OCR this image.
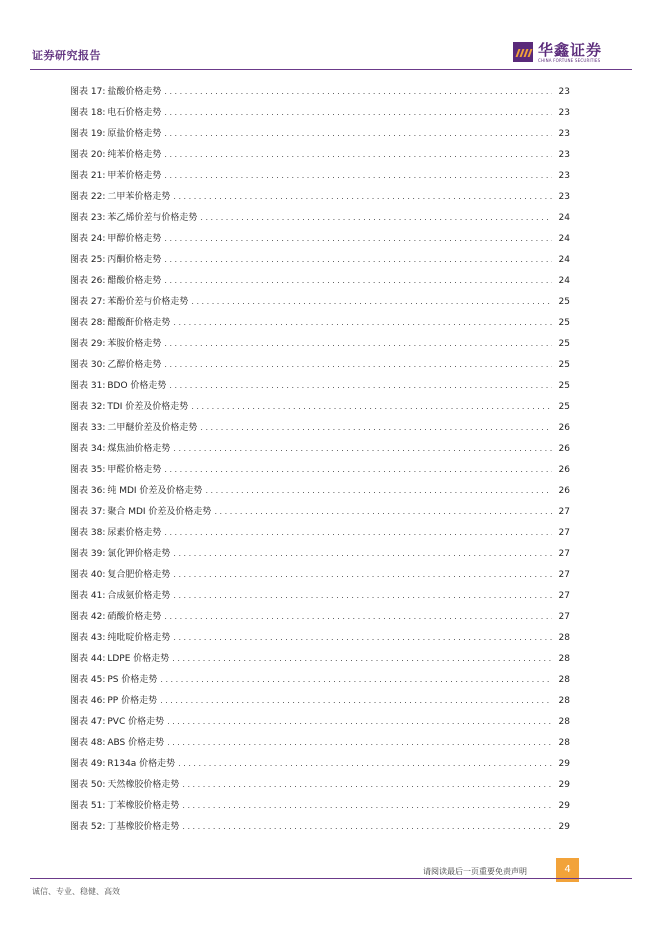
证券研究报告	华鑫证券
CHINA FORTUNE SECURITIES
图表 17: 盐酸价格走势 . . .	23
图表 18: 电石价格走势 . . .	23
图表 19: 原盐价格走势 . . .	23
图表 20: 纯苯价格走势 . . .	23
图表 21: 甲苯价格走势 . . .	23
图表 22: 二甲苯价格走势 . . .	23
图表 23: 苯乙烯价差与价格走势 . . .	24
图表 24: 甲醇价格走势 . . .	24
图表 25: 丙酮价格走势 . . .	24
图表 26: 醋酸价格走势 . . .	24
图表 27: 苯酚价差与价格走势 . . .	25
图表 28: 醋酸酐价格走势 . . .	25
图表 29: 苯胺价格走势 . . .	25
图表 30: 乙醇价格走势 . . .	25
图表 31: BDO 价格走势 . . .	25
图表 32: TDI 价差及价格走势 . . .	25
图表 33: 二甲醚价差及价格走势 . . .	26
图表 34: 煤焦油价格走势 . . .	26
图表 35: 甲醛价格走势 . . .	26
图表 36: 纯 MDI 价差及价格走势 . . .	26
图表 37: 聚合 MDI 价差及价格走势 . . .	27
图表 38: 尿素价格走势 . . .	27
图表 39: 氯化钾价格走势 . . .	27
图表 40: 复合肥价格走势 . . .	27
图表 41: 合成氨价格走势 . . .	27
图表 42: 硝酸价格走势 . . .	27
图表 43: 纯吡啶价格走势 . . .	28
图表 44: LDPE 价格走势 . . .	28
图表 45: PS 价格走势 . . .	28
图表 46: PP 价格走势 . . .	28
图表 47: PVC 价格走势 . . .	28
图表 48: ABS 价格走势 . . .	28
图表 49: R134a 价格走势 . . .	29
图表 50: 天然橡胶价格走势 . . .	29
图表 51: 丁苯橡胶价格走势 . . .	29
图表 52: 丁基橡胶价格走势 . . .	29
请阅读最后一页重要免责声明	4
诚信、专业、稳健、高效
